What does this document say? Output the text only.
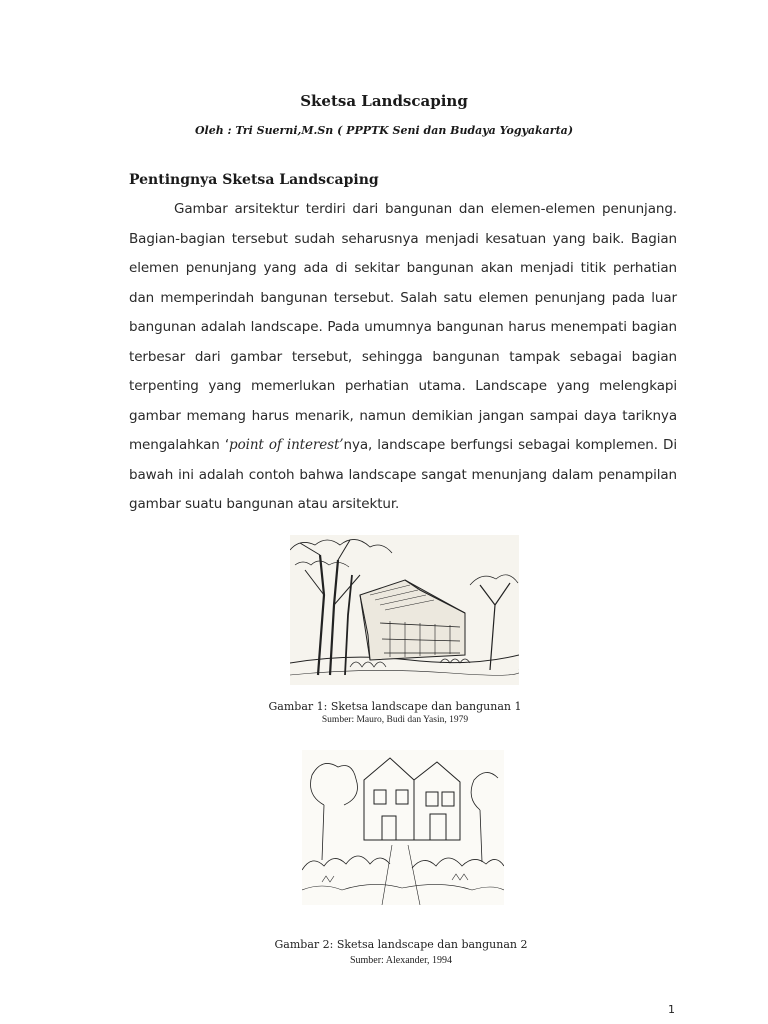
Sketsa Landscaping
Oleh : Tri Suerni,M.Sn ( PPPTK Seni dan Budaya Yogyakarta)
Pentingnya Sketsa Landscaping
Gambar arsitektur terdiri dari bangunan dan elemen-elemen penunjang. Bagian-bagian tersebut sudah seharusnya menjadi kesatuan yang baik. Bagian elemen penunjang yang ada di sekitar bangunan akan menjadi titik perhatian dan memperindah bangunan tersebut. Salah satu elemen penunjang pada luar bangunan adalah landscape. Pada umumnya bangunan harus menempati bagian terbesar dari gambar tersebut, sehingga bangunan tampak sebagai bagian terpenting yang memerlukan perhatian utama. Landscape yang melengkapi gambar memang harus menarik, namun demikian jangan sampai daya tariknya mengalahkan ‘point of interest’nya, landscape berfungsi sebagai komplemen. Di bawah ini adalah contoh bahwa landscape sangat menunjang dalam penampilan gambar suatu bangunan atau arsitektur.
Gambar 1: Sketsa landscape dan bangunan 1
Sumber: Mauro, Budi dan Yasin, 1979
Gambar 2: Sketsa landscape dan bangunan 2
Sumber: Alexander, 1994
1
